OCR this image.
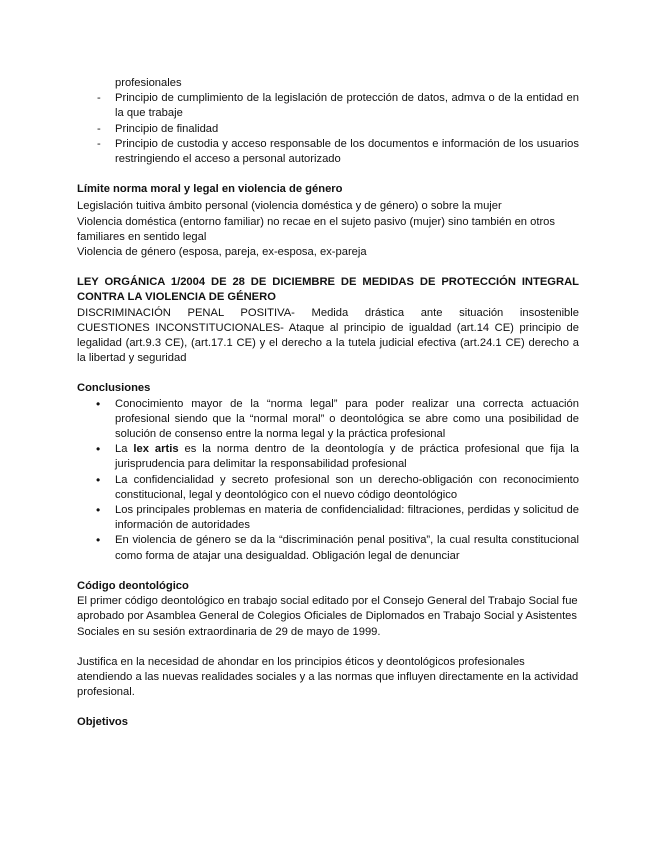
profesionales

- Principio de cumplimiento de la legislación de protección de datos, admva o de la entidad en la que trabaje
- Principio de finalidad
- Principio de custodia y acceso responsable de los documentos e información de los usuarios restringiendo el acceso a personal autorizado

Límite norma moral y legal en violencia de género

Legislación tuitiva ámbito personal (violencia doméstica y de género) o sobre la mujer

Violencia doméstica (entorno familiar) no recae en el sujeto pasivo (mujer) sino también en otros familiares en sentido legal

Violencia de género (esposa, pareja, ex-esposa, ex-pareja

LEY ORGÁNICA 1/2004 DE 28 DE DICIEMBRE DE MEDIDAS DE PROTECCIÓN INTEGRAL CONTRA LA VIOLENCIA DE GÉNERO

DISCRIMINACIÓN PENAL POSITIVA- Medida drástica ante situación insostenible

CUESTIONES INCONSTITUCIONALES- Ataque al principio de igualdad (art.14 CE) principio de legalidad (art.9.3 CE), (art.17.1 CE) y el derecho a la tutela judicial efectiva (art.24.1 CE) derecho a la libertad y seguridad

Conclusiones

• Conocimiento mayor de la “norma legal” para poder realizar una correcta actuación profesional siendo que la “normal moral” o deontológica se abre como una posibilidad de solución de consenso entre la norma legal y la práctica profesional
• La lex artis es la norma dentro de la deontología y de práctica profesional que fija la jurisprudencia para delimitar la responsabilidad profesional
• La confidencialidad y secreto profesional son un derecho-obligación con reconocimiento constitucional, legal y deontológico con el nuevo código deontológico
• Los principales problemas en materia de confidencialidad: filtraciones, perdidas y solicitud de información de autoridades
• En violencia de género se da la “discriminación penal positiva”, la cual resulta constitucional como forma de atajar una desigualdad. Obligación legal de denunciar

Código deontológico

El primer código deontológico en trabajo social editado por el Consejo General del Trabajo Social fue aprobado por Asamblea General de Colegios Oficiales de Diplomados en Trabajo Social y Asistentes Sociales en su sesión extraordinaria de 29 de mayo de 1999.

Justifica en la necesidad de ahondar en los principios éticos y deontológicos profesionales atendiendo a las nuevas realidades sociales y a las normas que influyen directamente en la actividad profesional.

Objetivos
